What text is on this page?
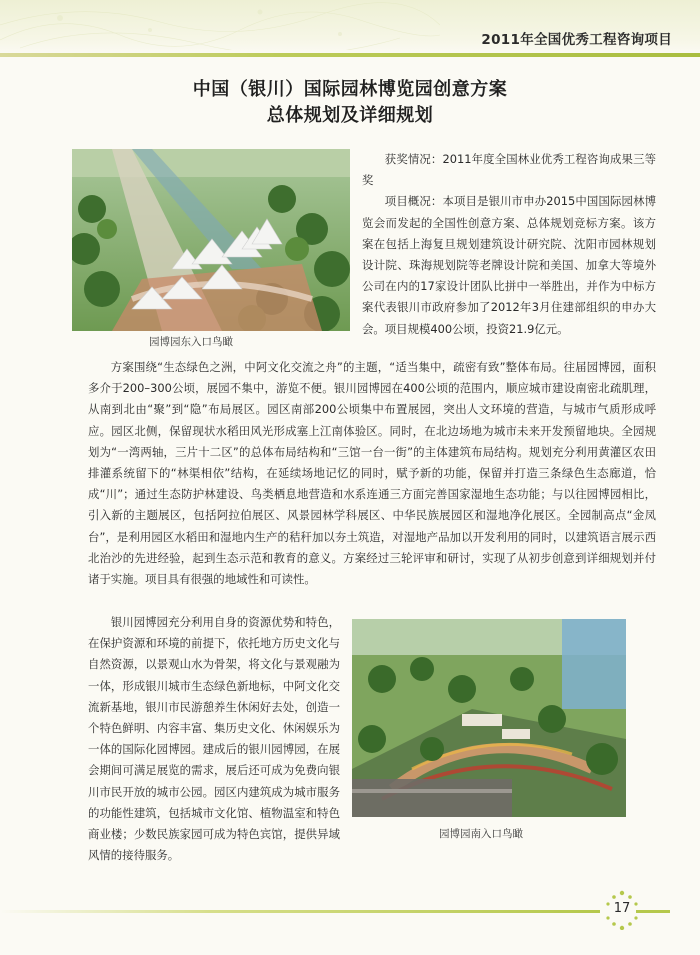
2011年全国优秀工程咨询项目
中国（银川）国际园林博览园创意方案
总体规划及详细规划
园博园东入口鸟瞰

获奖情况：2011年度全国林业优秀工程咨询成果三等奖

项目概况：本项目是银川市申办2015中国国际园林博览会而发起的全国性创意方案、总体规划竞标方案。该方案在包括上海复旦规划建筑设计研究院、沈阳市园林规划设计院、珠海规划院等老牌设计院和美国、加拿大等境外公司在内的17家设计团队比拼中一举胜出，并作为中标方案代表银川市政府参加了2012年3月住建部组织的申办大会。项目规模400公顷，投资21.9亿元。

方案围绕“生态绿色之洲，中阿文化交流之舟”的主题，“适当集中，疏密有致”整体布局。往届园博园，面积多介于200–300公顷，展园不集中，游览不便。银川园博园在400公顷的范围内，顺应城市建设南密北疏肌理，从南到北由“聚”到“隐”布局展区。园区南部200公顷集中布置展园，突出人文环境的营造，与城市气质形成呼应。园区北侧，保留现状水稻田风光形成塞上江南体验区。同时，在北边场地为城市未来开发预留地块。全园规划为“一湾两轴，三片十二区”的总体布局结构和“三馆一台一街”的主体建筑布局结构。规划充分利用黄灌区农田排灌系统留下的“林渠相依”结构，在延续场地记忆的同时，赋予新的功能，保留并打造三条绿色生态廊道，恰成“川”；通过生态防护林建设、鸟类栖息地营造和水系连通三方面完善国家湿地生态功能；与以往园博园相比，引入新的主题展区，包括阿拉伯展区、风景园林学科展区、中华民族展园区和湿地净化展区。全园制高点“金凤台”，是利用园区水稻田和湿地内生产的秸秆加以夯土筑造，对湿地产品加以开发利用的同时，以建筑语言展示西北治沙的先进经验，起到生态示范和教育的意义。方案经过三轮评审和研讨，实现了从初步创意到详细规划并付诸于实施。项目具有很强的地域性和可读性。

银川园博园充分利用自身的资源优势和特色，在保护资源和环境的前提下，依托地方历史文化与自然资源，以景观山水为骨架，将文化与景观融为一体，形成银川城市生态绿色新地标，中阿文化交流新基地，银川市民游憩养生休闲好去处，创造一个特色鲜明、内容丰富、集历史文化、休闲娱乐为一体的国际化园博园。建成后的银川园博园，在展会期间可满足展览的需求，展后还可成为免费向银川市民开放的城市公园。园区内建筑成为城市服务的功能性建筑，包括城市文化馆、植物温室和特色商业楼；少数民族家园可成为特色宾馆，提供异域风情的接待服务。

园博园南入口鸟瞰
17
